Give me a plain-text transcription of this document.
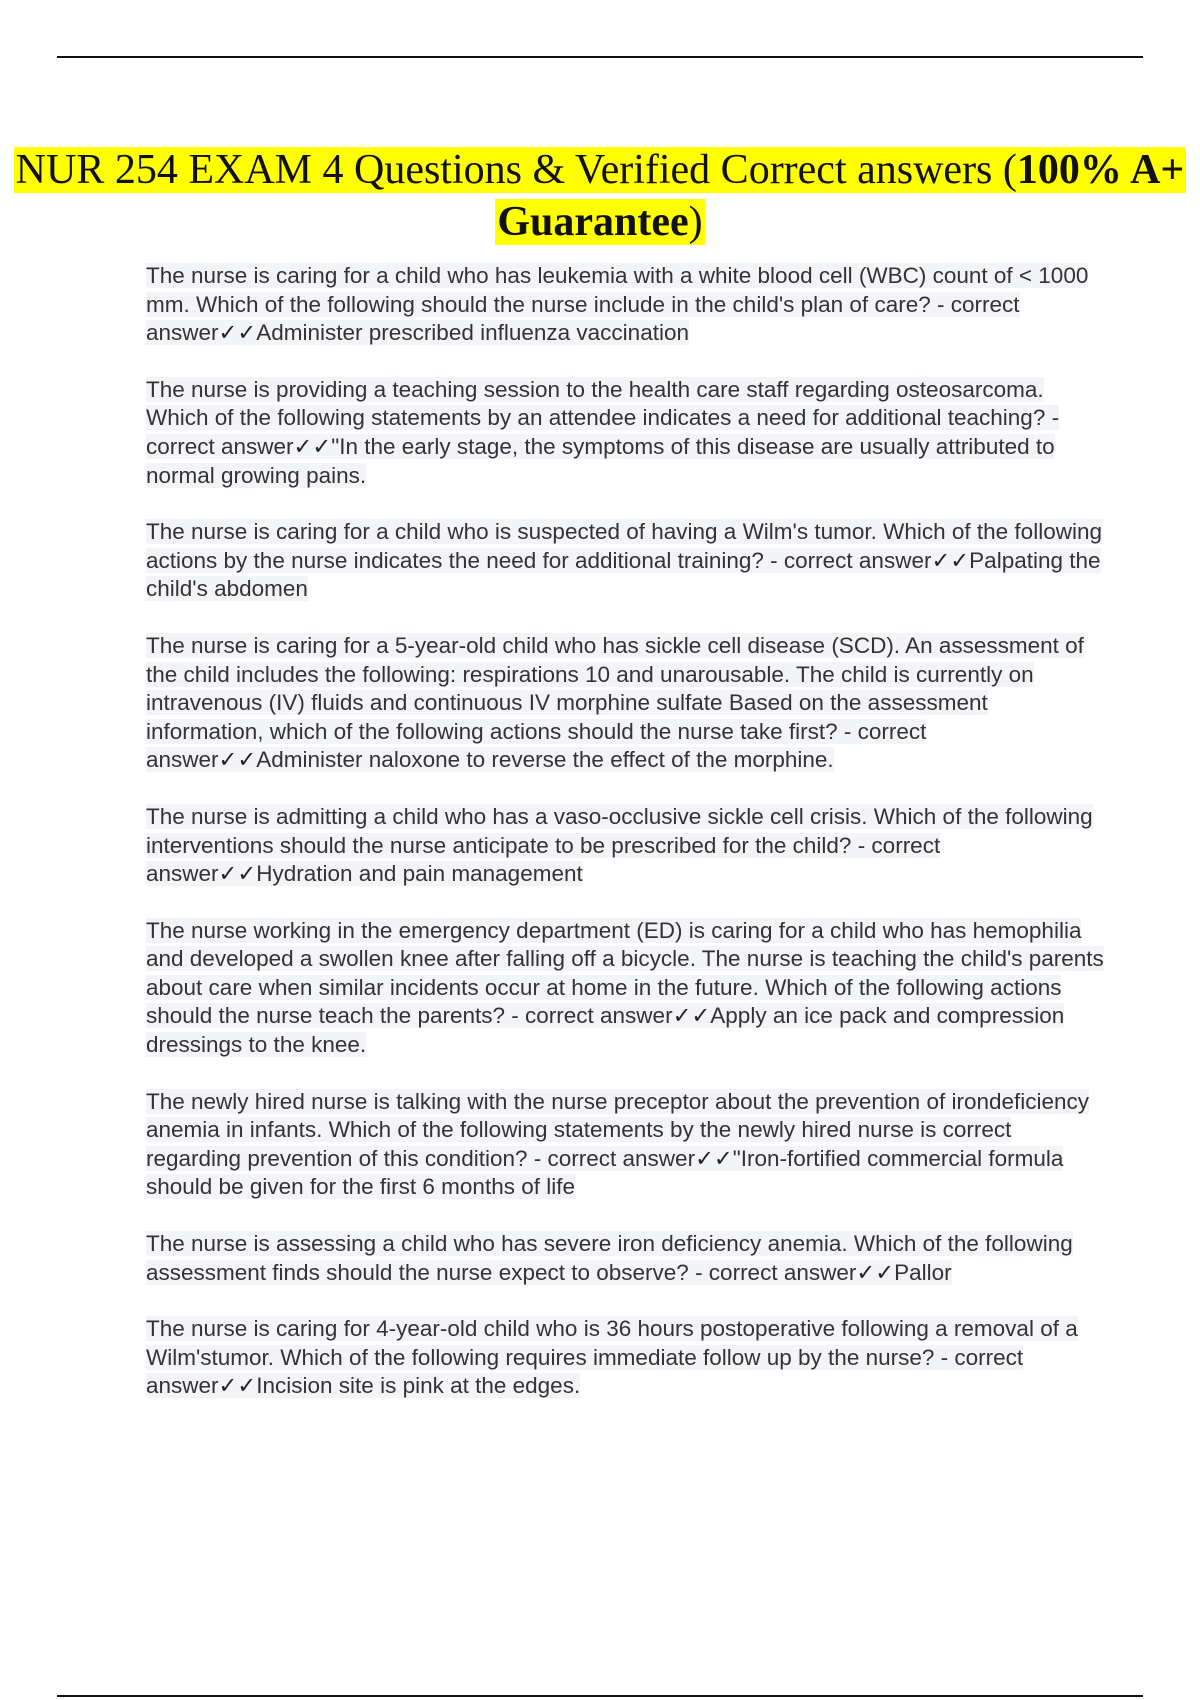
NUR 254 EXAM 4 Questions & Verified Correct answers (100% A+ Guarantee)

The nurse is caring for a child who has leukemia with a white blood cell (WBC) count of < 1000 mm. Which of the following should the nurse include in the child's plan of care? - correct answer✓✓Administer prescribed influenza vaccination

The nurse is providing a teaching session to the health care staff regarding osteosarcoma. Which of the following statements by an attendee indicates a need for additional teaching? - correct answer✓✓"In the early stage, the symptoms of this disease are usually attributed to normal growing pains.

The nurse is caring for a child who is suspected of having a Wilm's tumor. Which of the following actions by the nurse indicates the need for additional training? - correct answer✓✓Palpating the child's abdomen

The nurse is caring for a 5-year-old child who has sickle cell disease (SCD). An assessment of the child includes the following: respirations 10 and unarousable. The child is currently on intravenous (IV) fluids and continuous IV morphine sulfate Based on the assessment information, which of the following actions should the nurse take first? - correct answer✓✓Administer naloxone to reverse the effect of the morphine.

The nurse is admitting a child who has a vaso-occlusive sickle cell crisis. Which of the following interventions should the nurse anticipate to be prescribed for the child? - correct answer✓✓Hydration and pain management

The nurse working in the emergency department (ED) is caring for a child who has hemophilia and developed a swollen knee after falling off a bicycle. The nurse is teaching the child's parents about care when similar incidents occur at home in the future. Which of the following actions should the nurse teach the parents? - correct answer✓✓Apply an ice pack and compression dressings to the knee.

The newly hired nurse is talking with the nurse preceptor about the prevention of irondeficiency anemia in infants. Which of the following statements by the newly hired nurse is correct regarding prevention of this condition? - correct answer✓✓"Iron-fortified commercial formula should be given for the first 6 months of life

The nurse is assessing a child who has severe iron deficiency anemia. Which of the following assessment finds should the nurse expect to observe? - correct answer✓✓Pallor

The nurse is caring for 4-year-old child who is 36 hours postoperative following a removal of a Wilm'stumor. Which of the following requires immediate follow up by the nurse? - correct answer✓✓Incision site is pink at the edges.
